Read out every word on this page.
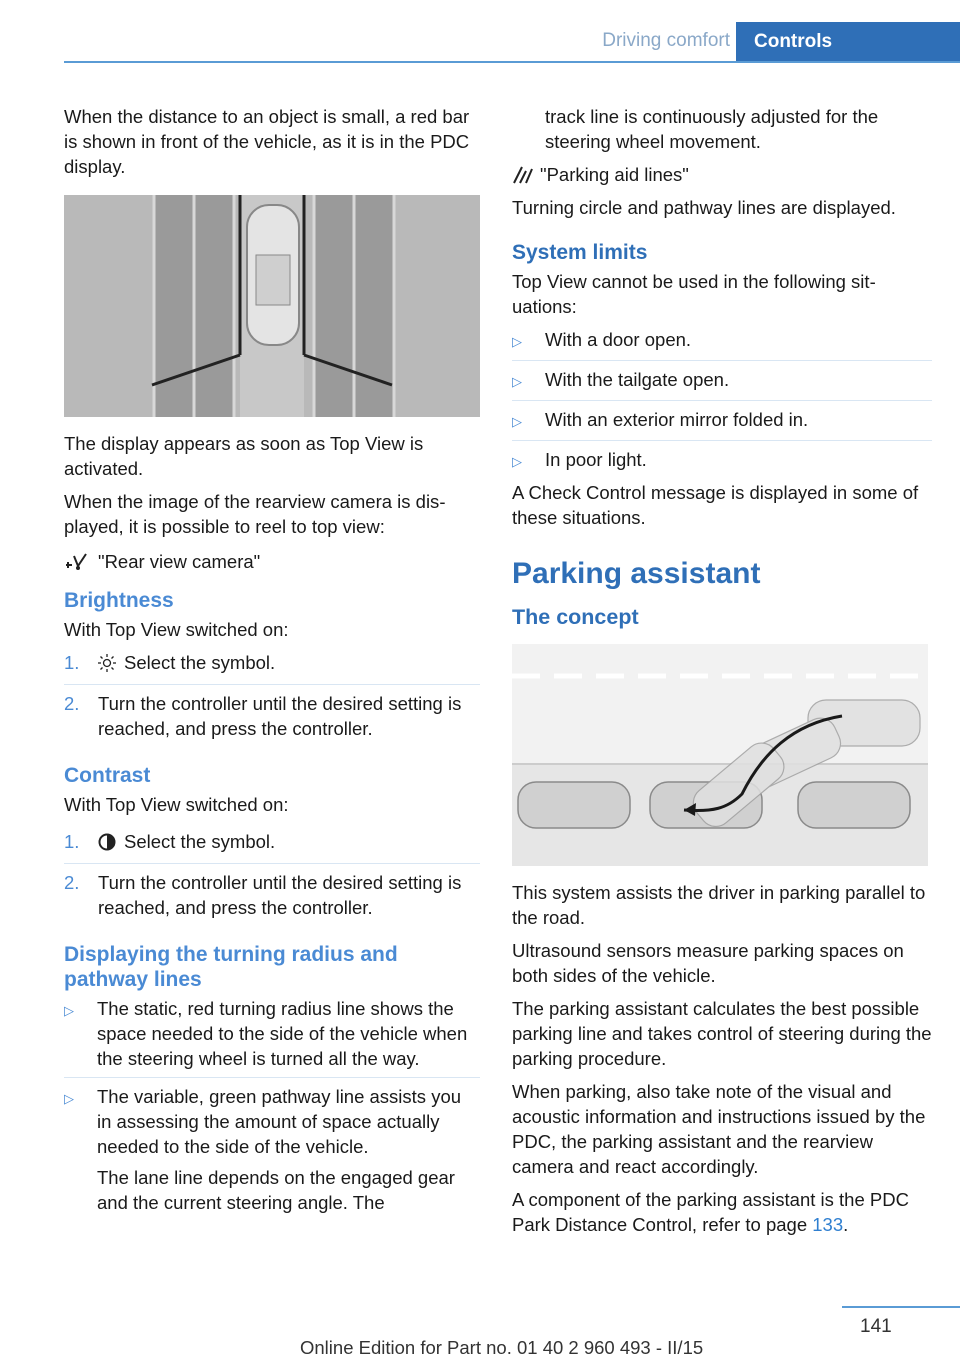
Driving comfort	Controls

When the distance to an object is small, a red bar is shown in front of the vehicle, as it is in the PDC display.

The display appears as soon as Top View is activated.

When the image of the rearview camera is displayed, it is possible to reel to top view:

"Rear view camera"
Brightness

With Top View switched on:

1.	Select the symbol.
2.	Turn the controller until the desired setting is reached, and press the controller.
Contrast

With Top View switched on:

1.	Select the symbol.
2.	Turn the controller until the desired setting is reached, and press the controller.
Displaying the turning radius and pathway lines
▷	The static, red turning radius line shows the space needed to the side of the vehicle when the steering wheel is turned all the way.
▷	The variable, green pathway line assists you in assessing the amount of space actually needed to the side of the vehicle.

The lane line depends on the engaged gear and the current steering angle. The

track line is continuously adjusted for the steering wheel movement.

"Parking aid lines"

Turning circle and pathway lines are displayed.

System limits

Top View cannot be used in the following situations:

▷	With a door open.
▷	With the tailgate open.
▷	With an exterior mirror folded in.
▷	In poor light.

A Check Control message is displayed in some of these situations.

Parking assistant
The concept

This system assists the driver in parking parallel to the road.

Ultrasound sensors measure parking spaces on both sides of the vehicle.

The parking assistant calculates the best possible parking line and takes control of steering during the parking procedure.

When parking, also take note of the visual and acoustic information and instructions issued by the PDC, the parking assistant and the rearview camera and react accordingly.

A component of the parking assistant is the PDC Park Distance Control, refer to page 133.

141
Online Edition for Part no. 01 40 2 960 493 - II/15
